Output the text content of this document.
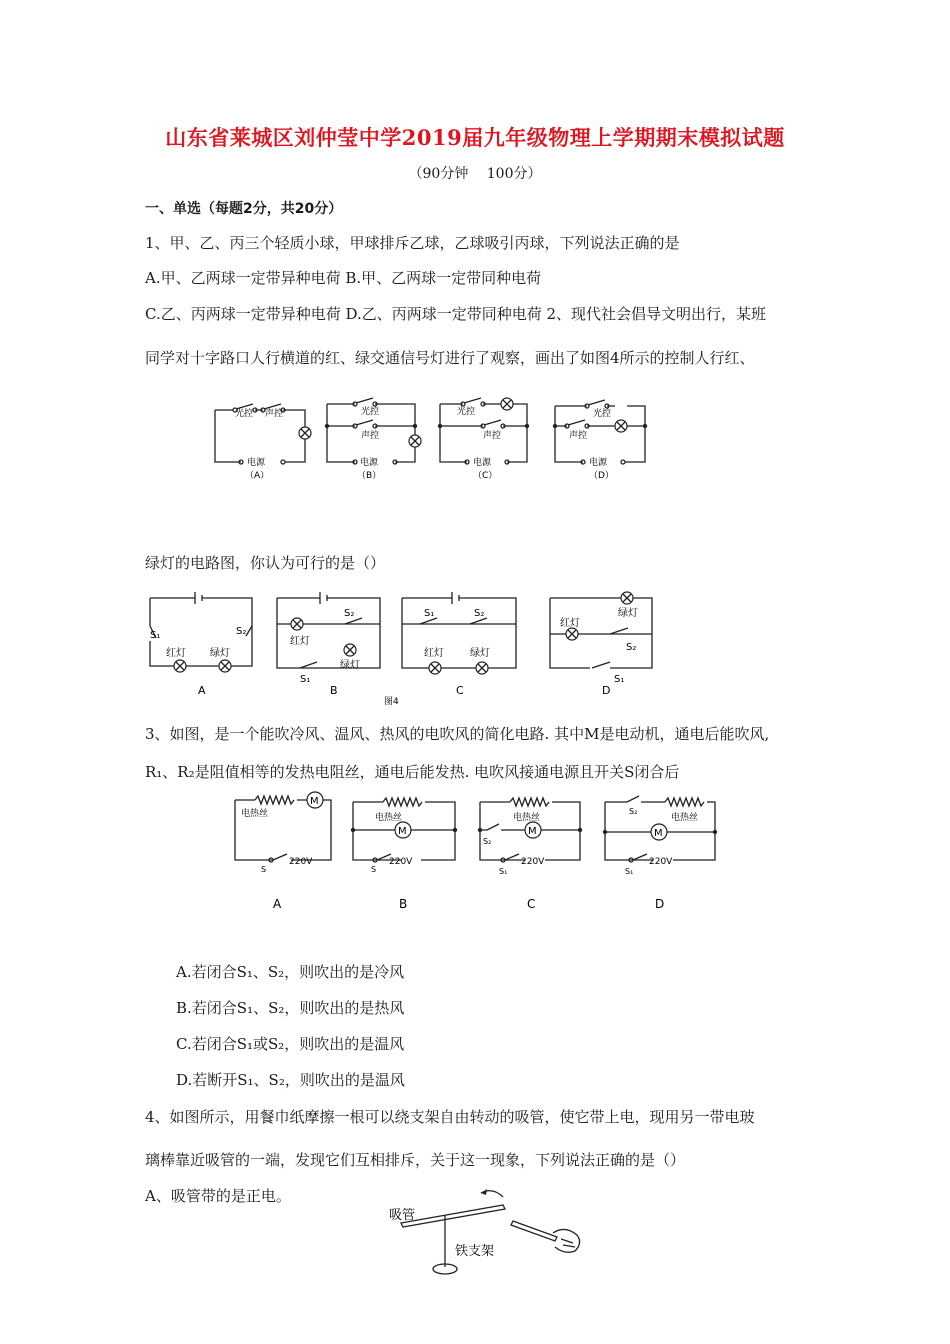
山东省莱城区刘仲莹中学2019届九年级物理上学期期末模拟试题
（90分钟　 100分）
一、单选（每题2分，共20分）
1、甲、乙、丙三个轻质小球，甲球排斥乙球，乙球吸引丙球，下列说法正确的是
A.甲、乙两球一定带异种电荷 B.甲、乙两球一定带同种电荷
C.乙、丙两球一定带异种电荷 D.乙、丙两球一定带同种电荷 2、现代社会倡导文明出行，某班
同学对十字路口人行横道的红、绿交通信号灯进行了观察，画出了如图4所示的控制人行红、
光控 声控
电源
（A）
光控
声控
电源
（B）
光控
声控
电源
（C）
光控
声控
电源
（D）
绿灯的电路图，你认为可行的是（）
S₁	S₂
红灯 绿灯
A
S₂
红灯
绿灯
S₁
B
S₁	S₂
红灯	绿灯
C
绿灯
红灯
S₂
S₁
D
图4
3、如图，是一个能吹冷风、温风、热风的电吹风的简化电路. 其中M是电动机，通电后能吹风,
R₁、R₂是阻值相等的发热电阻丝，通电后能发热. 电吹风接通电源且开关S闭合后
M
电热丝
220V
S
A
M
电热丝
220V
S
B
M
电热丝
S₂
220V
S₁
C
M
S₂
电热丝
220V
S₁
D
A.若闭合S₁、S₂，则吹出的是冷风
B.若闭合S₁、S₂，则吹出的是热风
C.若闭合S₁或S₂，则吹出的是温风
D.若断开S₁、S₂，则吹出的是温风
4、如图所示，用餐巾纸摩擦一根可以绕支架自由转动的吸管，使它带上电，现用另一带电玻
璃棒靠近吸管的一端，发现它们互相排斥，关于这一现象，下列说法正确的是（）
A、吸管带的是正电。
吸管
铁支架
